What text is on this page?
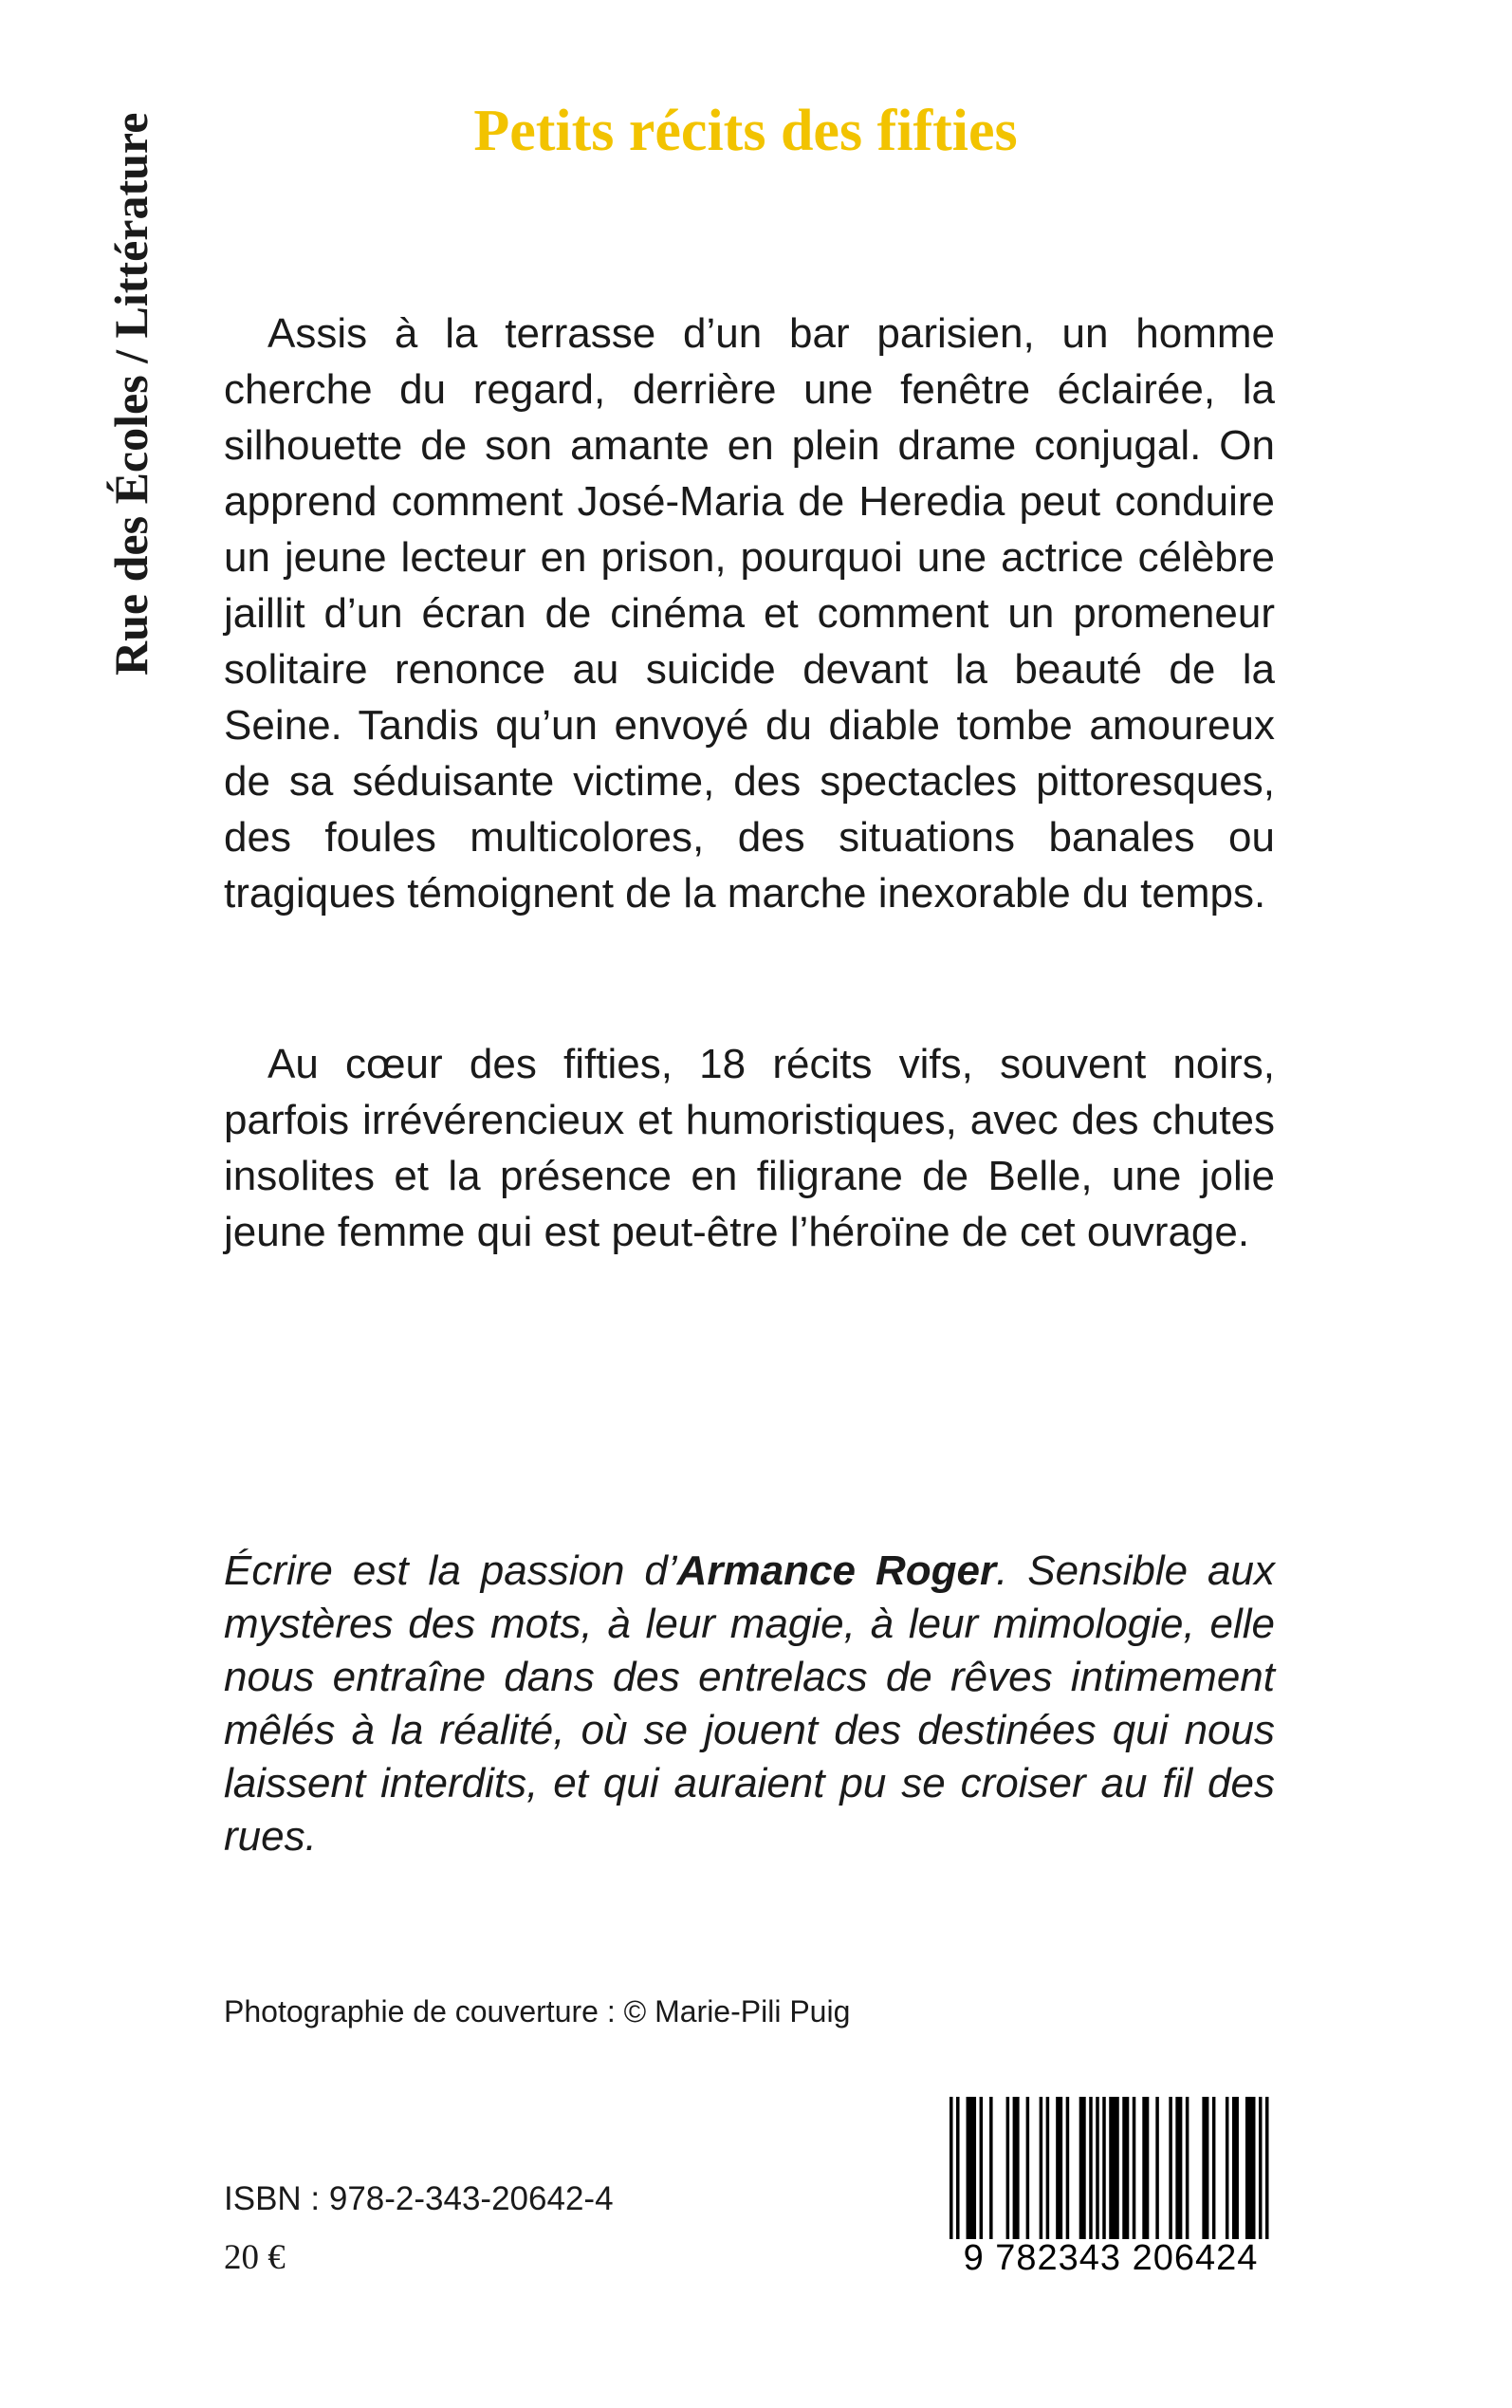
Rue des Écoles / Littérature	Petits récits des fifties

Assis à la terrasse d’un bar parisien, un homme cherche du regard, derrière une fenêtre éclairée, la silhouette de son amante en plein drame conjugal. On apprend comment José-Maria de Heredia peut conduire un jeune lecteur en prison, pourquoi une actrice célèbre jaillit d’un écran de cinéma et comment un promeneur solitaire renonce au suicide devant la beauté de la Seine. Tandis qu’un envoyé du diable tombe amoureux de sa séduisante victime, des spectacles pittoresques, des foules multicolores, des situations banales ou tragiques témoignent de la marche inexorable du temps.

Au cœur des fifties, 18 récits vifs, souvent noirs, parfois irrévérencieux et humoristiques, avec des chutes insolites et la présence en filigrane de Belle, une jolie jeune femme qui est peut-être l’héroïne de cet ouvrage.

Écrire est la passion d’Armance Roger. Sensible aux mystères des mots, à leur magie, à leur mimologie, elle nous entraîne dans des entrelacs de rêves intimement mêlés à la réalité, où se jouent des destinées qui nous laissent interdits, et qui auraient pu se croiser au fil des rues.

Photographie de couverture : © Marie-Pili Puig

ISBN : 978-2-343-20642-4

20 €	9 782343 206424
